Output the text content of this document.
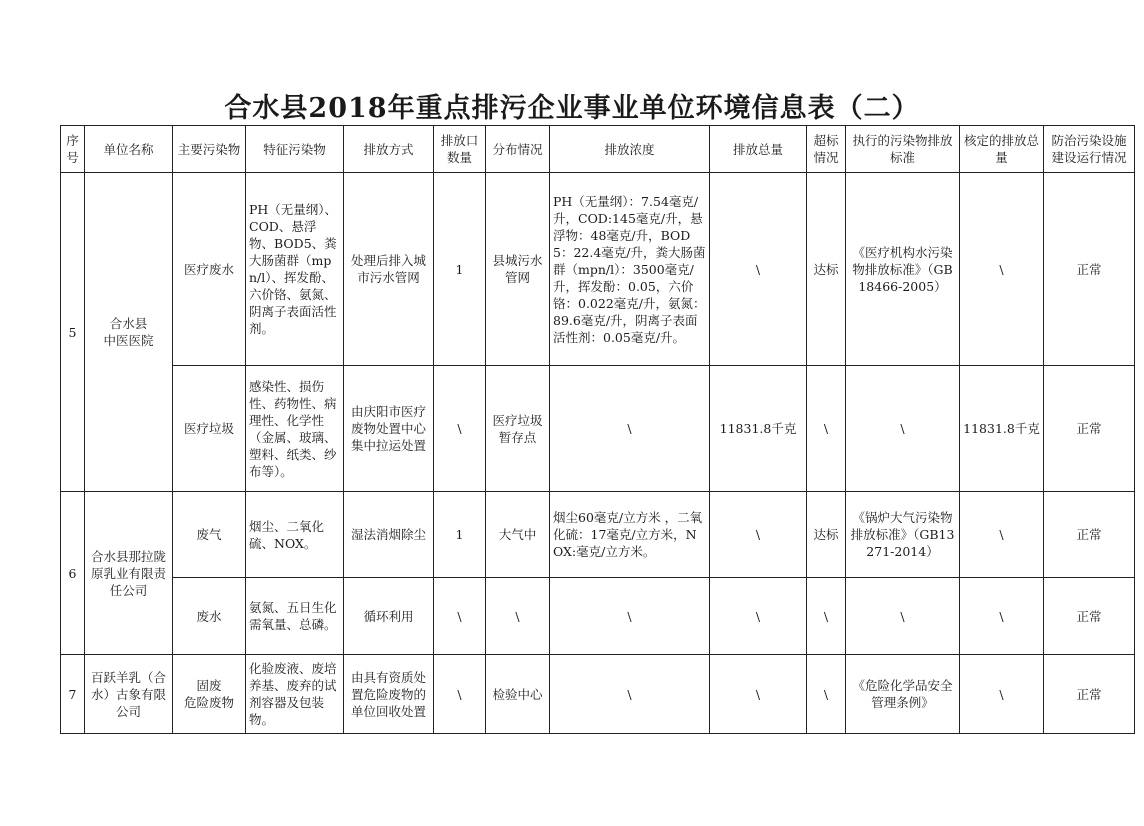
合水县2018年重点排污企业事业单位环境信息表（二）
序号	单位名称	主要污染物	特征污染物	排放方式	排放口数量	分布情况	排放浓度	排放总量	超标情况	执行的污染物排放标准	核定的排放总量	防治污染设施建设运行情况
5	合水县
中医医院	医疗废水	PH（无量纲）、COD、悬浮物、BOD5、粪大肠菌群（mpn/l）、挥发酚、六价铬、氨氮、阴离子表面活性剂。	处理后排入城市污水管网	1	县城污水管网	PH（无量纲）：7.54毫克/升，COD:145毫克/升，悬浮物：48毫克/升，BOD5：22.4毫克/升，粪大肠菌群（mpn/l）：3500毫克/升，挥发酚：0.05，六价铬：0.022毫克/升，氨氮：89.6毫克/升，阴离子表面活性剂：0.05毫克/升。	\	达标	《医疗机构水污染物排放标准》（GB18466-2005）	\	正常
		医疗垃圾	感染性、损伤性、药物性、病理性、化学性（金属、玻璃、塑料、纸类、纱布等）。	由庆阳市医疗废物处置中心集中拉运处置	\	医疗垃圾暂存点	\	11831.8千克	\	\	11831.8千克	正常
6	合水县那拉陇原乳业有限责任公司	废气	烟尘、二氧化硫、NOX。	湿法消烟除尘	1	大气中	烟尘60毫克/立方米 ，二氧化硫：17毫克/立方米，NOX:毫克/立方米。	\	达标	《锅炉大气污染物排放标准》（GB13271-2014）	\	正常
		废水	氨氮、五日生化需氧量、总磷。	循环利用	\	\	\	\	\	\	\	正常
7	百跃羊乳（合水）古象有限公司	固废
危险废物	化验废液、废培养基、废弃的试剂容器及包装物。	由具有资质处置危险废物的单位回收处置	\	检验中心	\	\	\	《危险化学品安全管理条例》	\	正常
